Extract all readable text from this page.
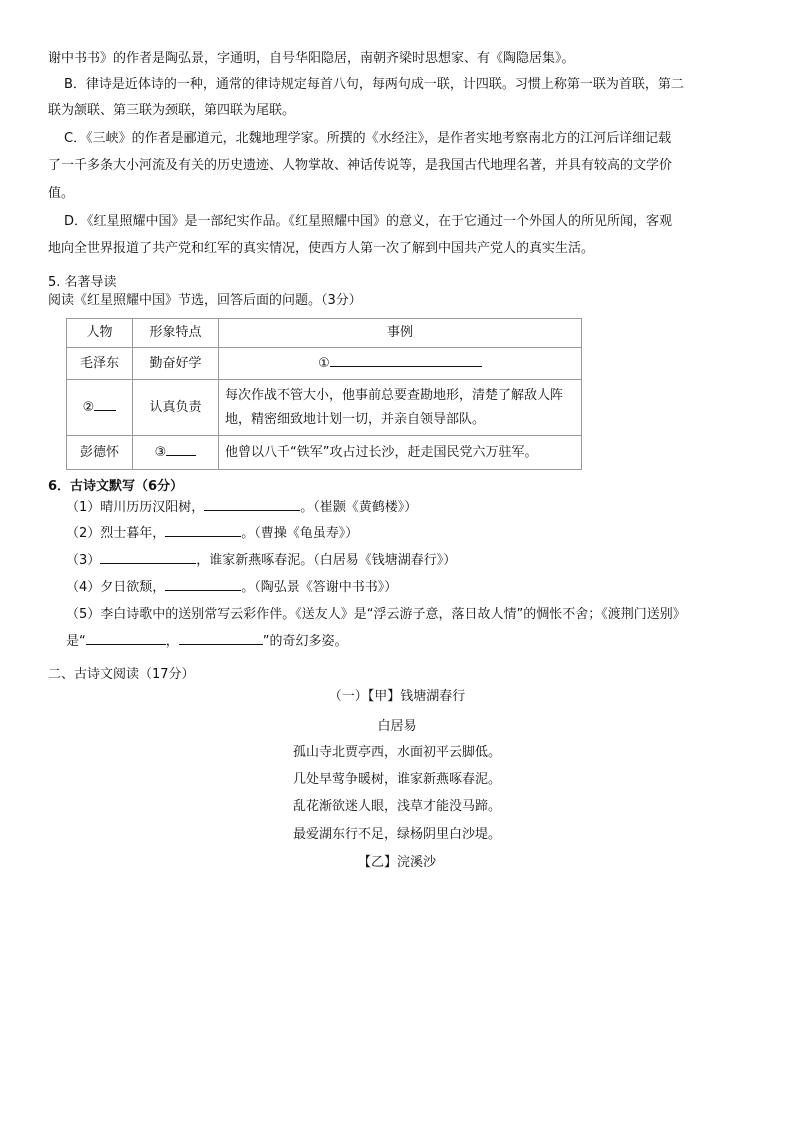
谢中书书》的作者是陶弘景，字通明，自号华阳隐居，南朝齐梁时思想家、有《陶隐居集》。
B．律诗是近体诗的一种，通常的律诗规定每首八句，每两句成一联，计四联。习惯上称第一联为首联，第二
联为颔联、第三联为颈联，第四联为尾联。
C．《三峡》的作者是郦道元，北魏地理学家。所撰的《水经注》，是作者实地考察南北方的江河后详细记载
了一千多条大小河流及有关的历史遗迹、人物掌故、神话传说等，是我国古代地理名著，并具有较高的文学价
值。
D．《红星照耀中国》是一部纪实作品。《红星照耀中国》的意义，在于它通过一个外国人的所见所闻，客观
地向全世界报道了共产党和红军的真实情况，使西方人第一次了解到中国共产党人的真实生活。
5. 名著导读
阅读《红星照耀中国》节选，回答后面的问题。（3分）
人物	形象特点	事例
毛泽东	勤奋好学	①
②	认真负责	每次作战不管大小，他事前总要查勘地形，清楚了解敌人阵地，精密细致地计划一切，并亲自领导部队。
彭德怀	③	他曾以八千“铁军”攻占过长沙，赶走国民党六万驻军。
6．古诗文默写（6分）
（1）晴川历历汉阳树，	。（崔颢《黄鹤楼》）
（2）烈士暮年，	。（曹操《龟虽寿》）
（3）	，谁家新燕啄春泥。（白居易《钱塘湖春行》）
（4）夕日欲颓，	。（陶弘景《答谢中书书》）
（5）李白诗歌中的送别常写云彩作伴。《送友人》是“浮云游子意，落日故人情”的惆怅不舍；《渡荆门送别》
是“	，	”的奇幻多姿。
二、古诗文阅读（17分）
（一）【甲】钱塘湖春行
白居易
孤山寺北贾亭西，水面初平云脚低。
几处早莺争暖树，谁家新燕啄春泥。
乱花渐欲迷人眼，浅草才能没马蹄。
最爱湖东行不足，绿杨阴里白沙堤。
【乙】浣溪沙
